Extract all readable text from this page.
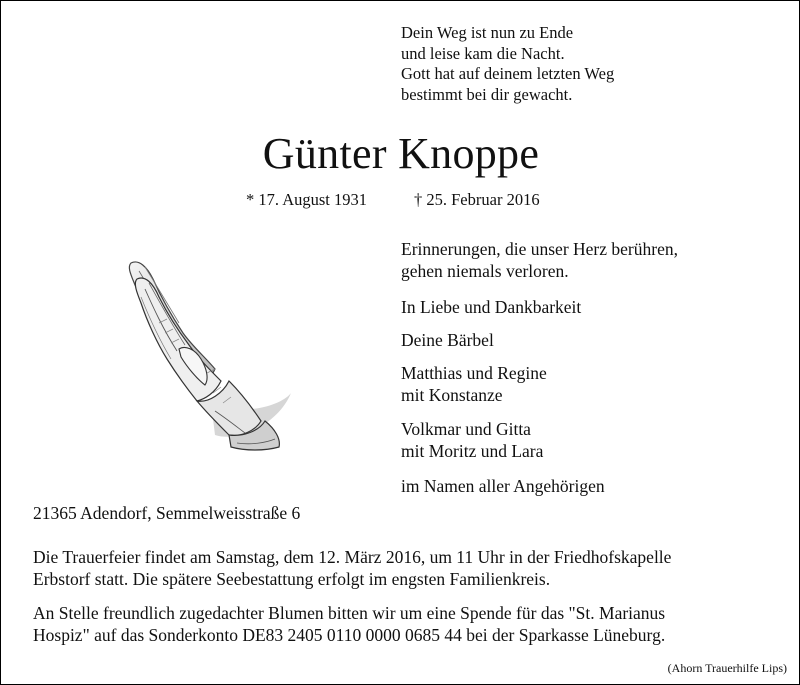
Dein Weg ist nun zu Ende
und leise kam die Nacht.
Gott hat auf deinem letzten Weg
bestimmt bei dir gewacht.
Günter Knoppe
* 17. August 1931	† 25. Februar 2016
Erinnerungen, die unser Herz berühren,
gehen niemals verloren.
In Liebe und Dankbarkeit
Deine Bärbel
Matthias und Regine
mit Konstanze
Volkmar und Gitta
mit Moritz und Lara
im Namen aller Angehörigen
21365 Adendorf, Semmelweisstraße 6
Die Trauerfeier findet am Samstag, dem 12. März 2016, um 11 Uhr in der Friedhofskapelle
Erbstorf statt. Die spätere Seebestattung erfolgt im engsten Familienkreis.
An Stelle freundlich zugedachter Blumen bitten wir um eine Spende für das "St. Marianus
Hospiz" auf das Sonderkonto DE83 2405 0110 0000 0685 44 bei der Sparkasse Lüneburg.
(Ahorn Trauerhilfe Lips)
